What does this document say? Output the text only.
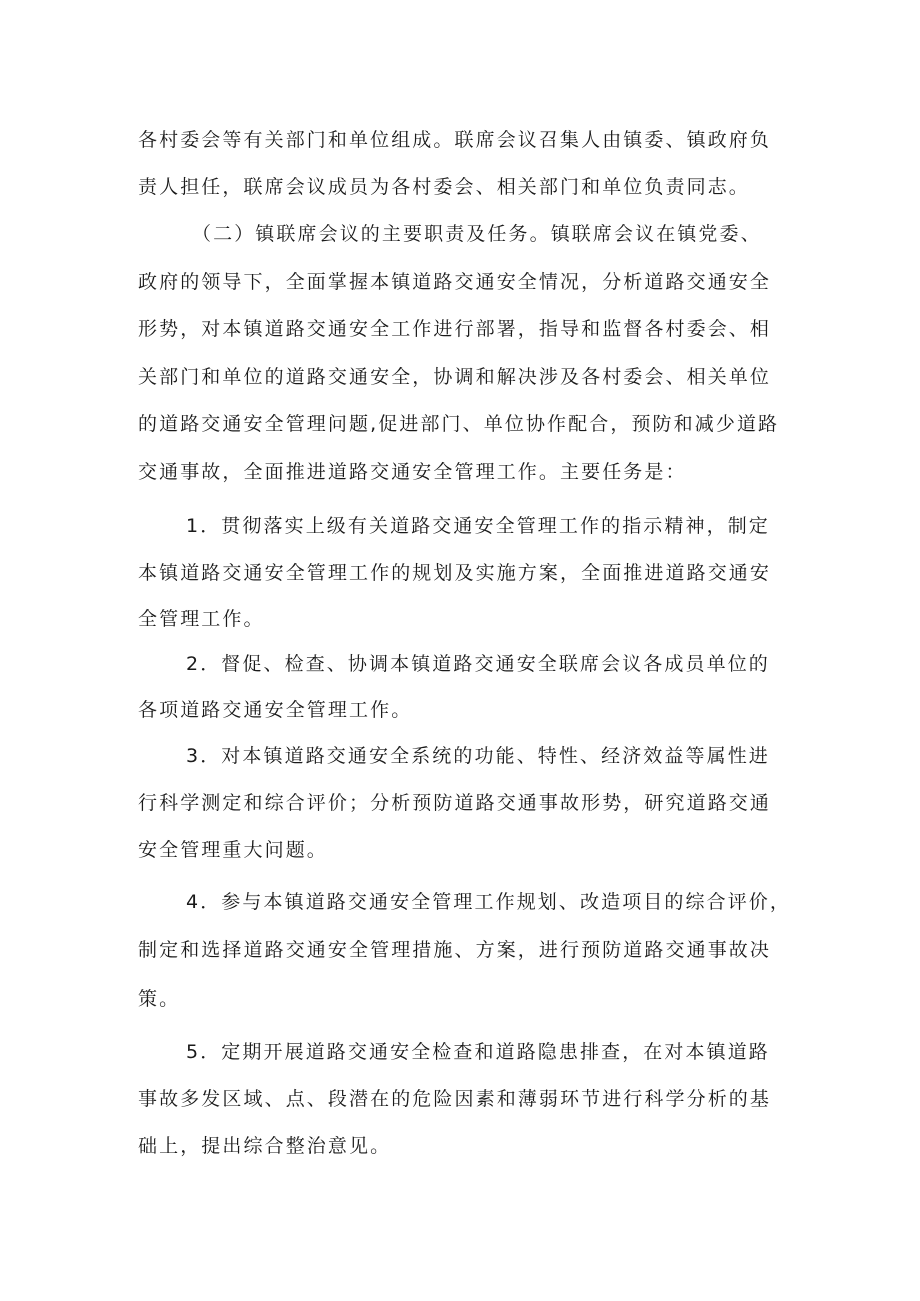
各村委会等有关部门和单位组成。联席会议召集人由镇委、镇政府负
责人担任，联席会议成员为各村委会、相关部门和单位负责同志。
（二）镇联席会议的主要职责及任务。镇联席会议在镇党委、
政府的领导下，全面掌握本镇道路交通安全情况，分析道路交通安全
形势，对本镇道路交通安全工作进行部署，指导和监督各村委会、相
关部门和单位的道路交通安全，协调和解决涉及各村委会、相关单位
的道路交通安全管理问题,促进部门、单位协作配合，预防和减少道路
交通事故，全面推进道路交通安全管理工作。主要任务是：
1．贯彻落实上级有关道路交通安全管理工作的指示精神，制定
本镇道路交通安全管理工作的规划及实施方案，全面推进道路交通安
全管理工作。
2．督促、检查、协调本镇道路交通安全联席会议各成员单位的
各项道路交通安全管理工作。
3．对本镇道路交通安全系统的功能、特性、经济效益等属性进
行科学测定和综合评价；分析预防道路交通事故形势，研究道路交通
安全管理重大问题。
4．参与本镇道路交通安全管理工作规划、改造项目的综合评价，
制定和选择道路交通安全管理措施、方案，进行预防道路交通事故决
策。
5．定期开展道路交通安全检查和道路隐患排查，在对本镇道路
事故多发区域、点、段潜在的危险因素和薄弱环节进行科学分析的基
础上，提出综合整治意见。
